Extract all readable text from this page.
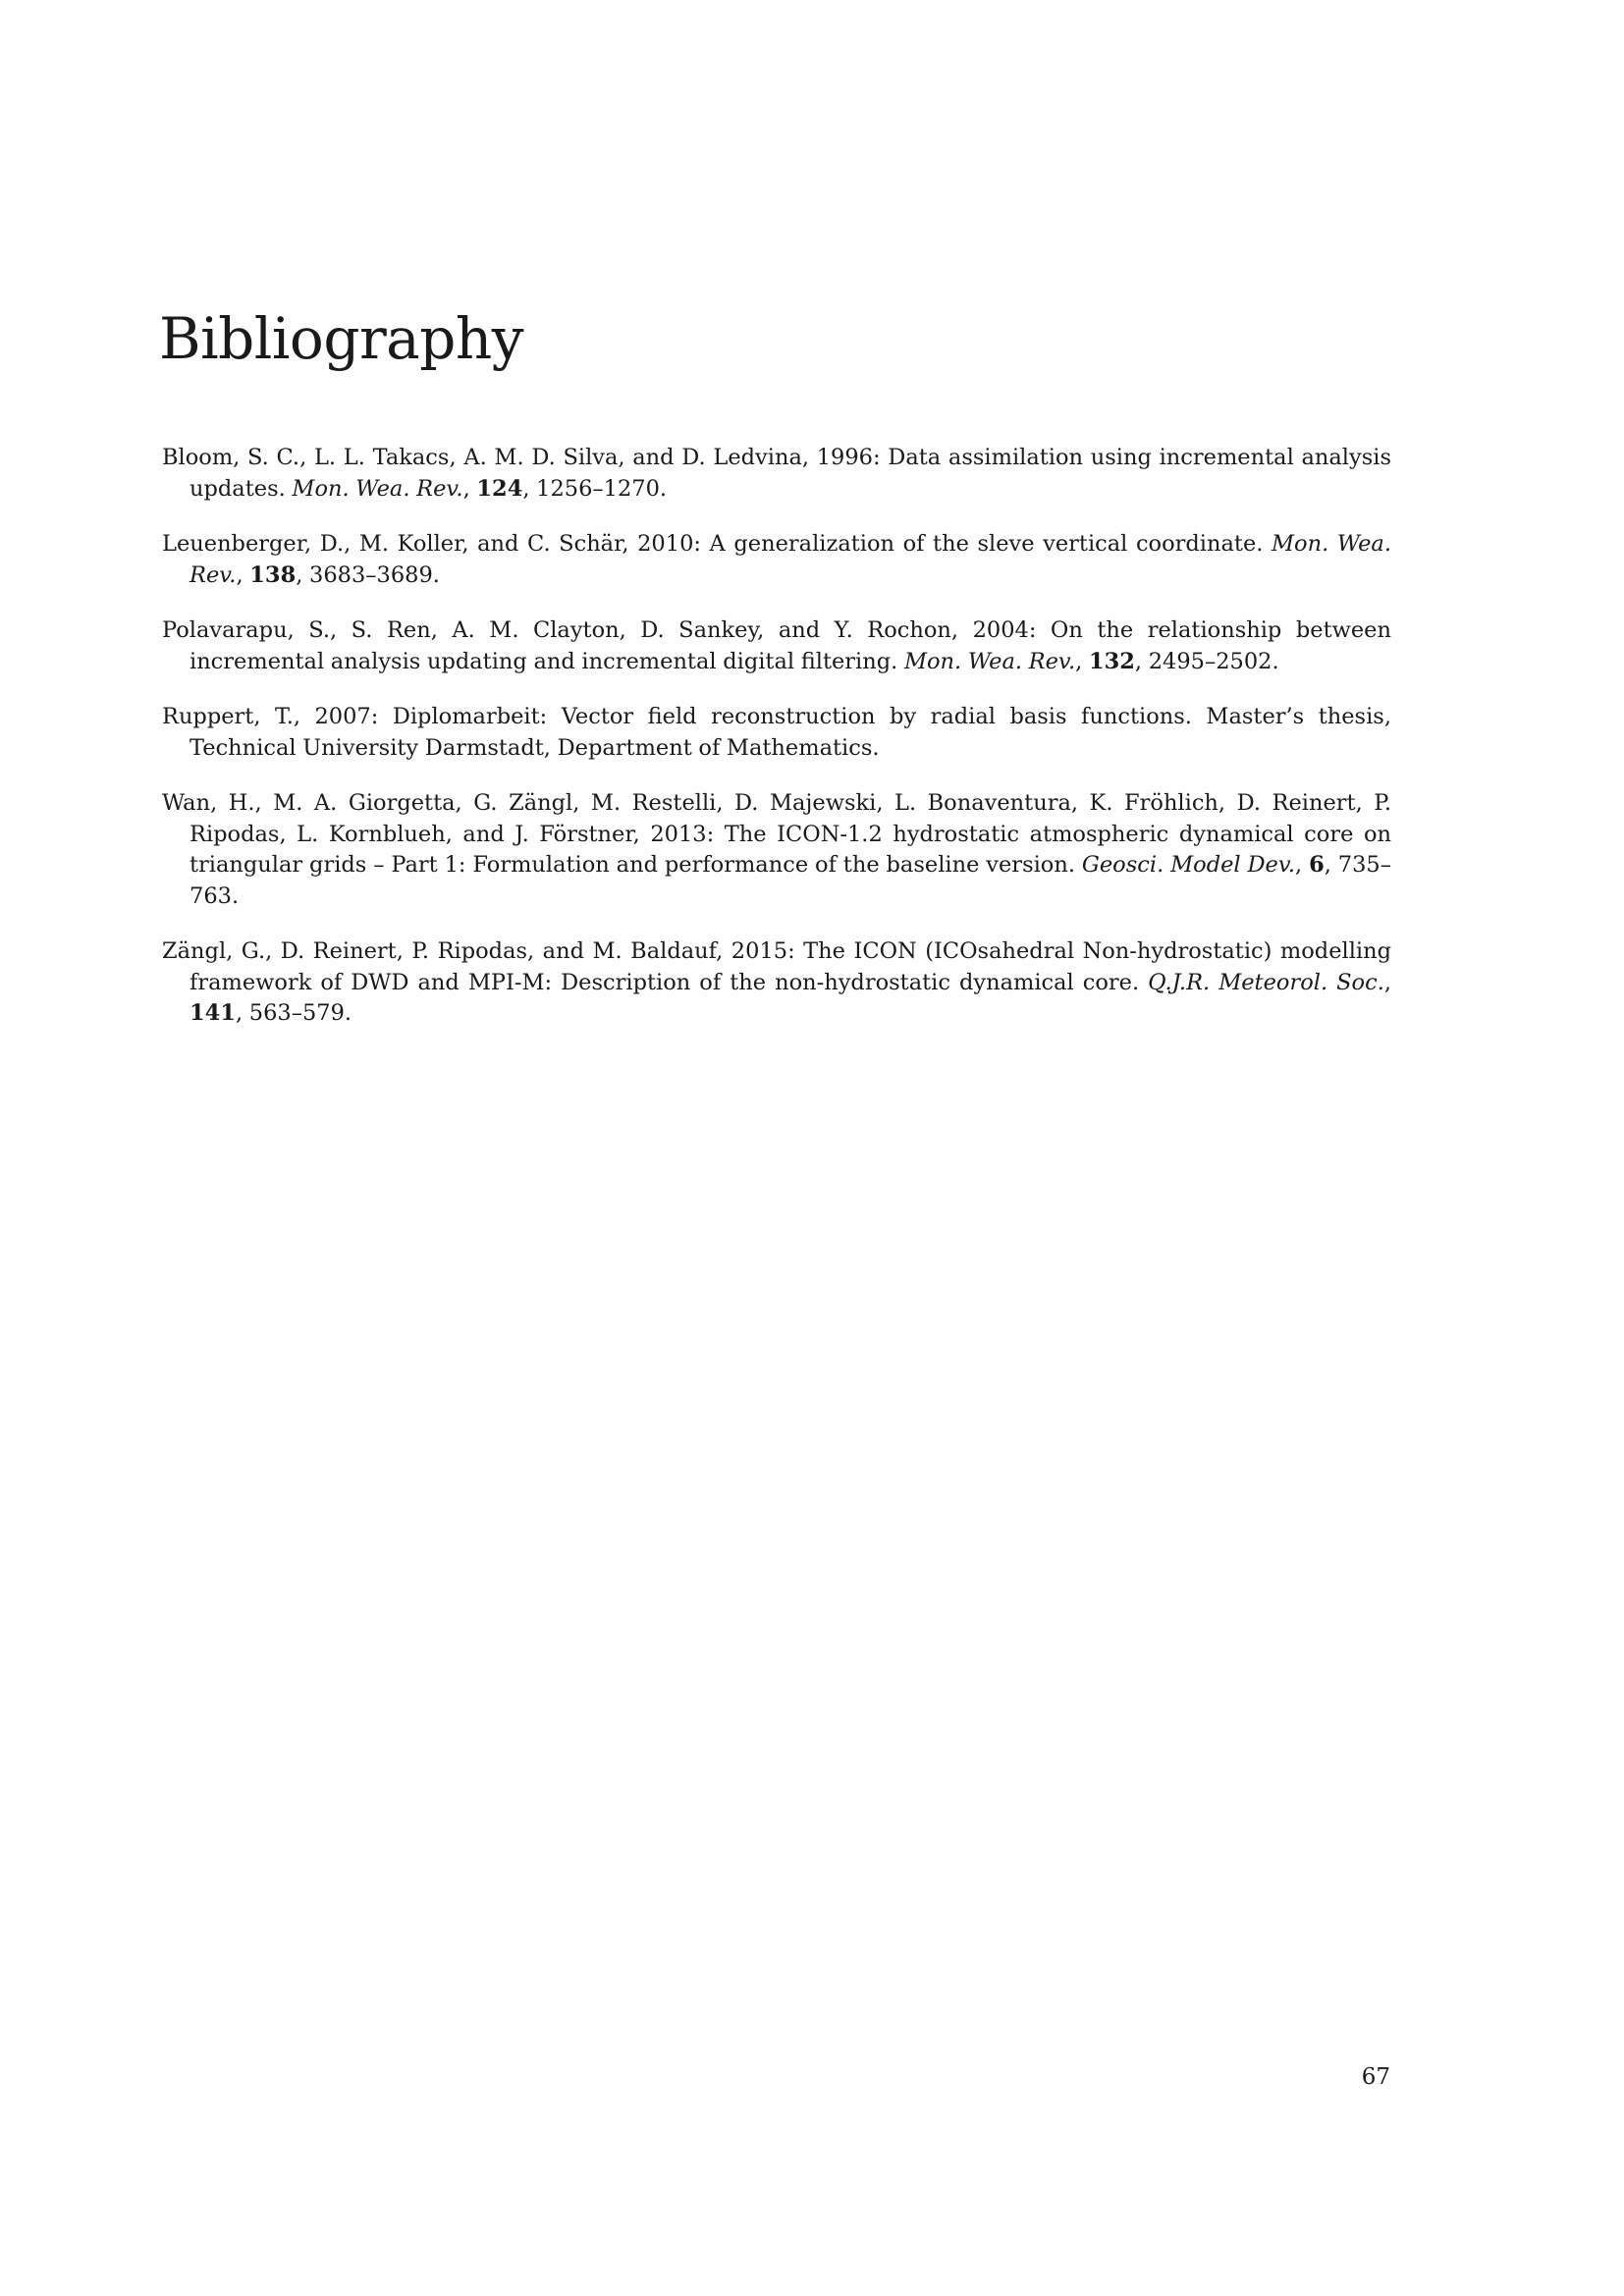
Bibliography
Bloom, S. C., L. L. Takacs, A. M. D. Silva, and D. Ledvina, 1996: Data assimilation using incremental analysis updates. Mon. Wea. Rev., 124, 1256–1270.
Leuenberger, D., M. Koller, and C. Schär, 2010: A generalization of the sleve vertical coordinate. Mon. Wea. Rev., 138, 3683–3689.
Polavarapu, S., S. Ren, A. M. Clayton, D. Sankey, and Y. Rochon, 2004: On the relationship between incremental analysis updating and incremental digital filtering. Mon. Wea. Rev., 132, 2495–2502.
Ruppert, T., 2007: Diplomarbeit: Vector field reconstruction by radial basis functions. Master’s thesis, Technical University Darmstadt, Department of Mathematics.
Wan, H., M. A. Giorgetta, G. Zängl, M. Restelli, D. Majewski, L. Bonaventura, K. Fröhlich, D. Reinert, P. Ripodas, L. Kornblueh, and J. Förstner, 2013: The ICON-1.2 hydrostatic atmospheric dynamical core on triangular grids – Part 1: Formulation and performance of the baseline version. Geosci. Model Dev., 6, 735–763.
Zängl, G., D. Reinert, P. Ripodas, and M. Baldauf, 2015: The ICON (ICOsahedral Non-hydrostatic) modelling framework of DWD and MPI-M: Description of the non-hydrostatic dynamical core. Q.J.R. Meteorol. Soc., 141, 563–579.
67
